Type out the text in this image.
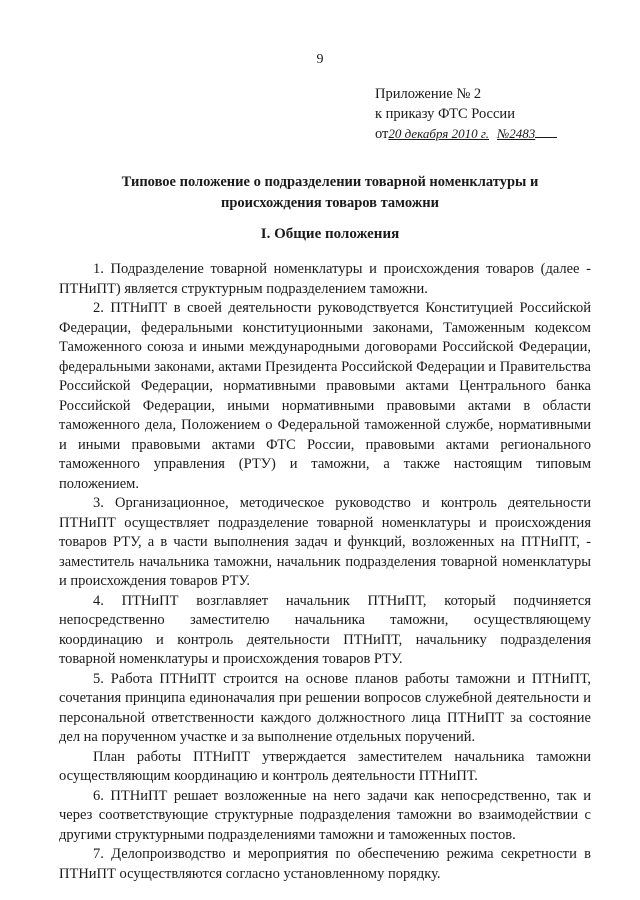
9
Приложение № 2
к приказу ФТС России
от20 декабря 2010 г. №2483
Типовое положение о подразделении товарной номенклатуры и
происхождения товаров таможни
I. Общие положения

1. Подразделение товарной номенклатуры и происхождения товаров (далее - ПТНиПТ) является структурным подразделением таможни.

2. ПТНиПТ в своей деятельности руководствуется Конституцией Российской Федерации, федеральными конституционными законами, Таможенным кодексом Таможенного союза и иными международными договорами Российской Федерации, федеральными законами, актами Президента Российской Федерации и Правительства Российской Федерации, нормативными правовыми актами Центрального банка Российской Федерации, иными нормативными правовыми актами в области таможенного дела, Положением о Федеральной таможенной службе, нормативными и иными правовыми актами ФТС России, правовыми актами регионального таможенного управления (РТУ) и таможни, а также настоящим типовым положением.

3. Организационное, методическое руководство и контроль деятельности ПТНиПТ осуществляет подразделение товарной номенклатуры и происхождения товаров РТУ, а в части выполнения задач и функций, возложенных на ПТНиПТ, - заместитель начальника таможни, начальник подразделения товарной номенклатуры и происхождения товаров РТУ.

4. ПТНиПТ возглавляет начальник ПТНиПТ, который подчиняется непосредственно заместителю начальника таможни, осуществляющему координацию и контроль деятельности ПТНиПТ, начальнику подразделения товарной номенклатуры и происхождения товаров РТУ.

5. Работа ПТНиПТ строится на основе планов работы таможни и ПТНиПТ, сочетания принципа единоначалия при решении вопросов служебной деятельности и персональной ответственности каждого должностного лица ПТНиПТ за состояние дел на порученном участке и за выполнение отдельных поручений.

План работы ПТНиПТ утверждается заместителем начальника таможни осуществляющим координацию и контроль деятельности ПТНиПТ.

6. ПТНиПТ решает возложенные на него задачи как непосредственно, так и через соответствующие структурные подразделения таможни во взаимодействии с другими структурными подразделениями таможни и таможенных постов.

7. Делопроизводство и мероприятия по обеспечению режима секретности в ПТНиПТ осуществляются согласно установленному порядку.
